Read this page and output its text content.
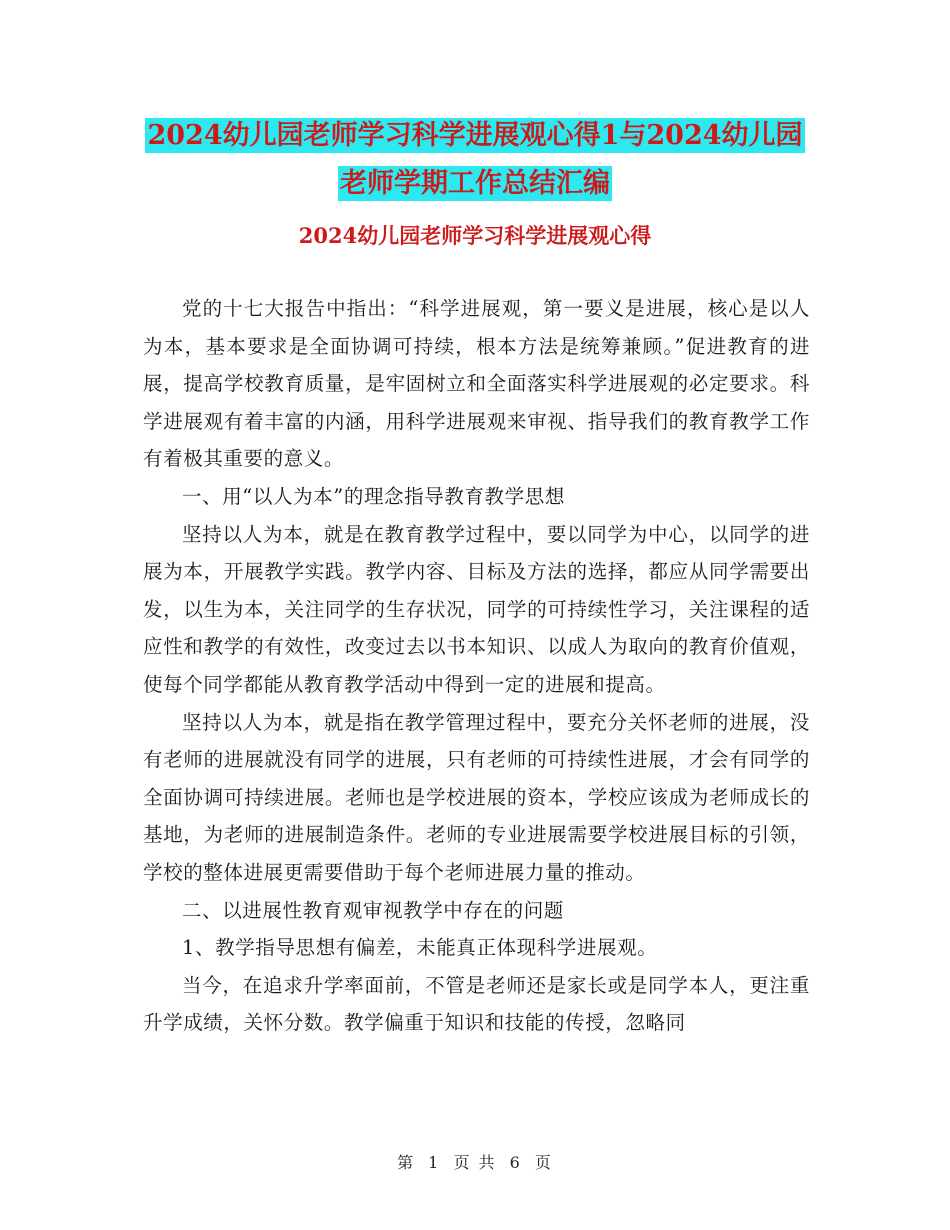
2024幼儿园老师学习科学进展观心得1与2024幼儿园老师学期工作总结汇编
2024幼儿园老师学习科学进展观心得

党的十七大报告中指出：“科学进展观，第一要义是进展，核心是以人为本，基本要求是全面协调可持续，根本方法是统筹兼顾。”促进教育的进展，提高学校教育质量，是牢固树立和全面落实科学进展观的必定要求。科学进展观有着丰富的内涵，用科学进展观来审视、指导我们的教育教学工作有着极其重要的意义。

一、用“以人为本”的理念指导教育教学思想

坚持以人为本，就是在教育教学过程中，要以同学为中心，以同学的进展为本，开展教学实践。教学内容、目标及方法的选择，都应从同学需要出发，以生为本，关注同学的生存状况，同学的可持续性学习，关注课程的适应性和教学的有效性，改变过去以书本知识、以成人为取向的教育价值观，使每个同学都能从教育教学活动中得到一定的进展和提高。

坚持以人为本，就是指在教学管理过程中，要充分关怀老师的进展，没有老师的进展就没有同学的进展，只有老师的可持续性进展，才会有同学的全面协调可持续进展。老师也是学校进展的资本，学校应该成为老师成长的基地，为老师的进展制造条件。老师的专业进展需要学校进展目标的引领，学校的整体进展更需要借助于每个老师进展力量的推动。

二、以进展性教育观审视教学中存在的问题

1、教学指导思想有偏差，未能真正体现科学进展观。

当今，在追求升学率面前，不管是老师还是家长或是同学本人，更注重升学成绩，关怀分数。教学偏重于知识和技能的传授，忽略同

第 1 页 共 6 页
